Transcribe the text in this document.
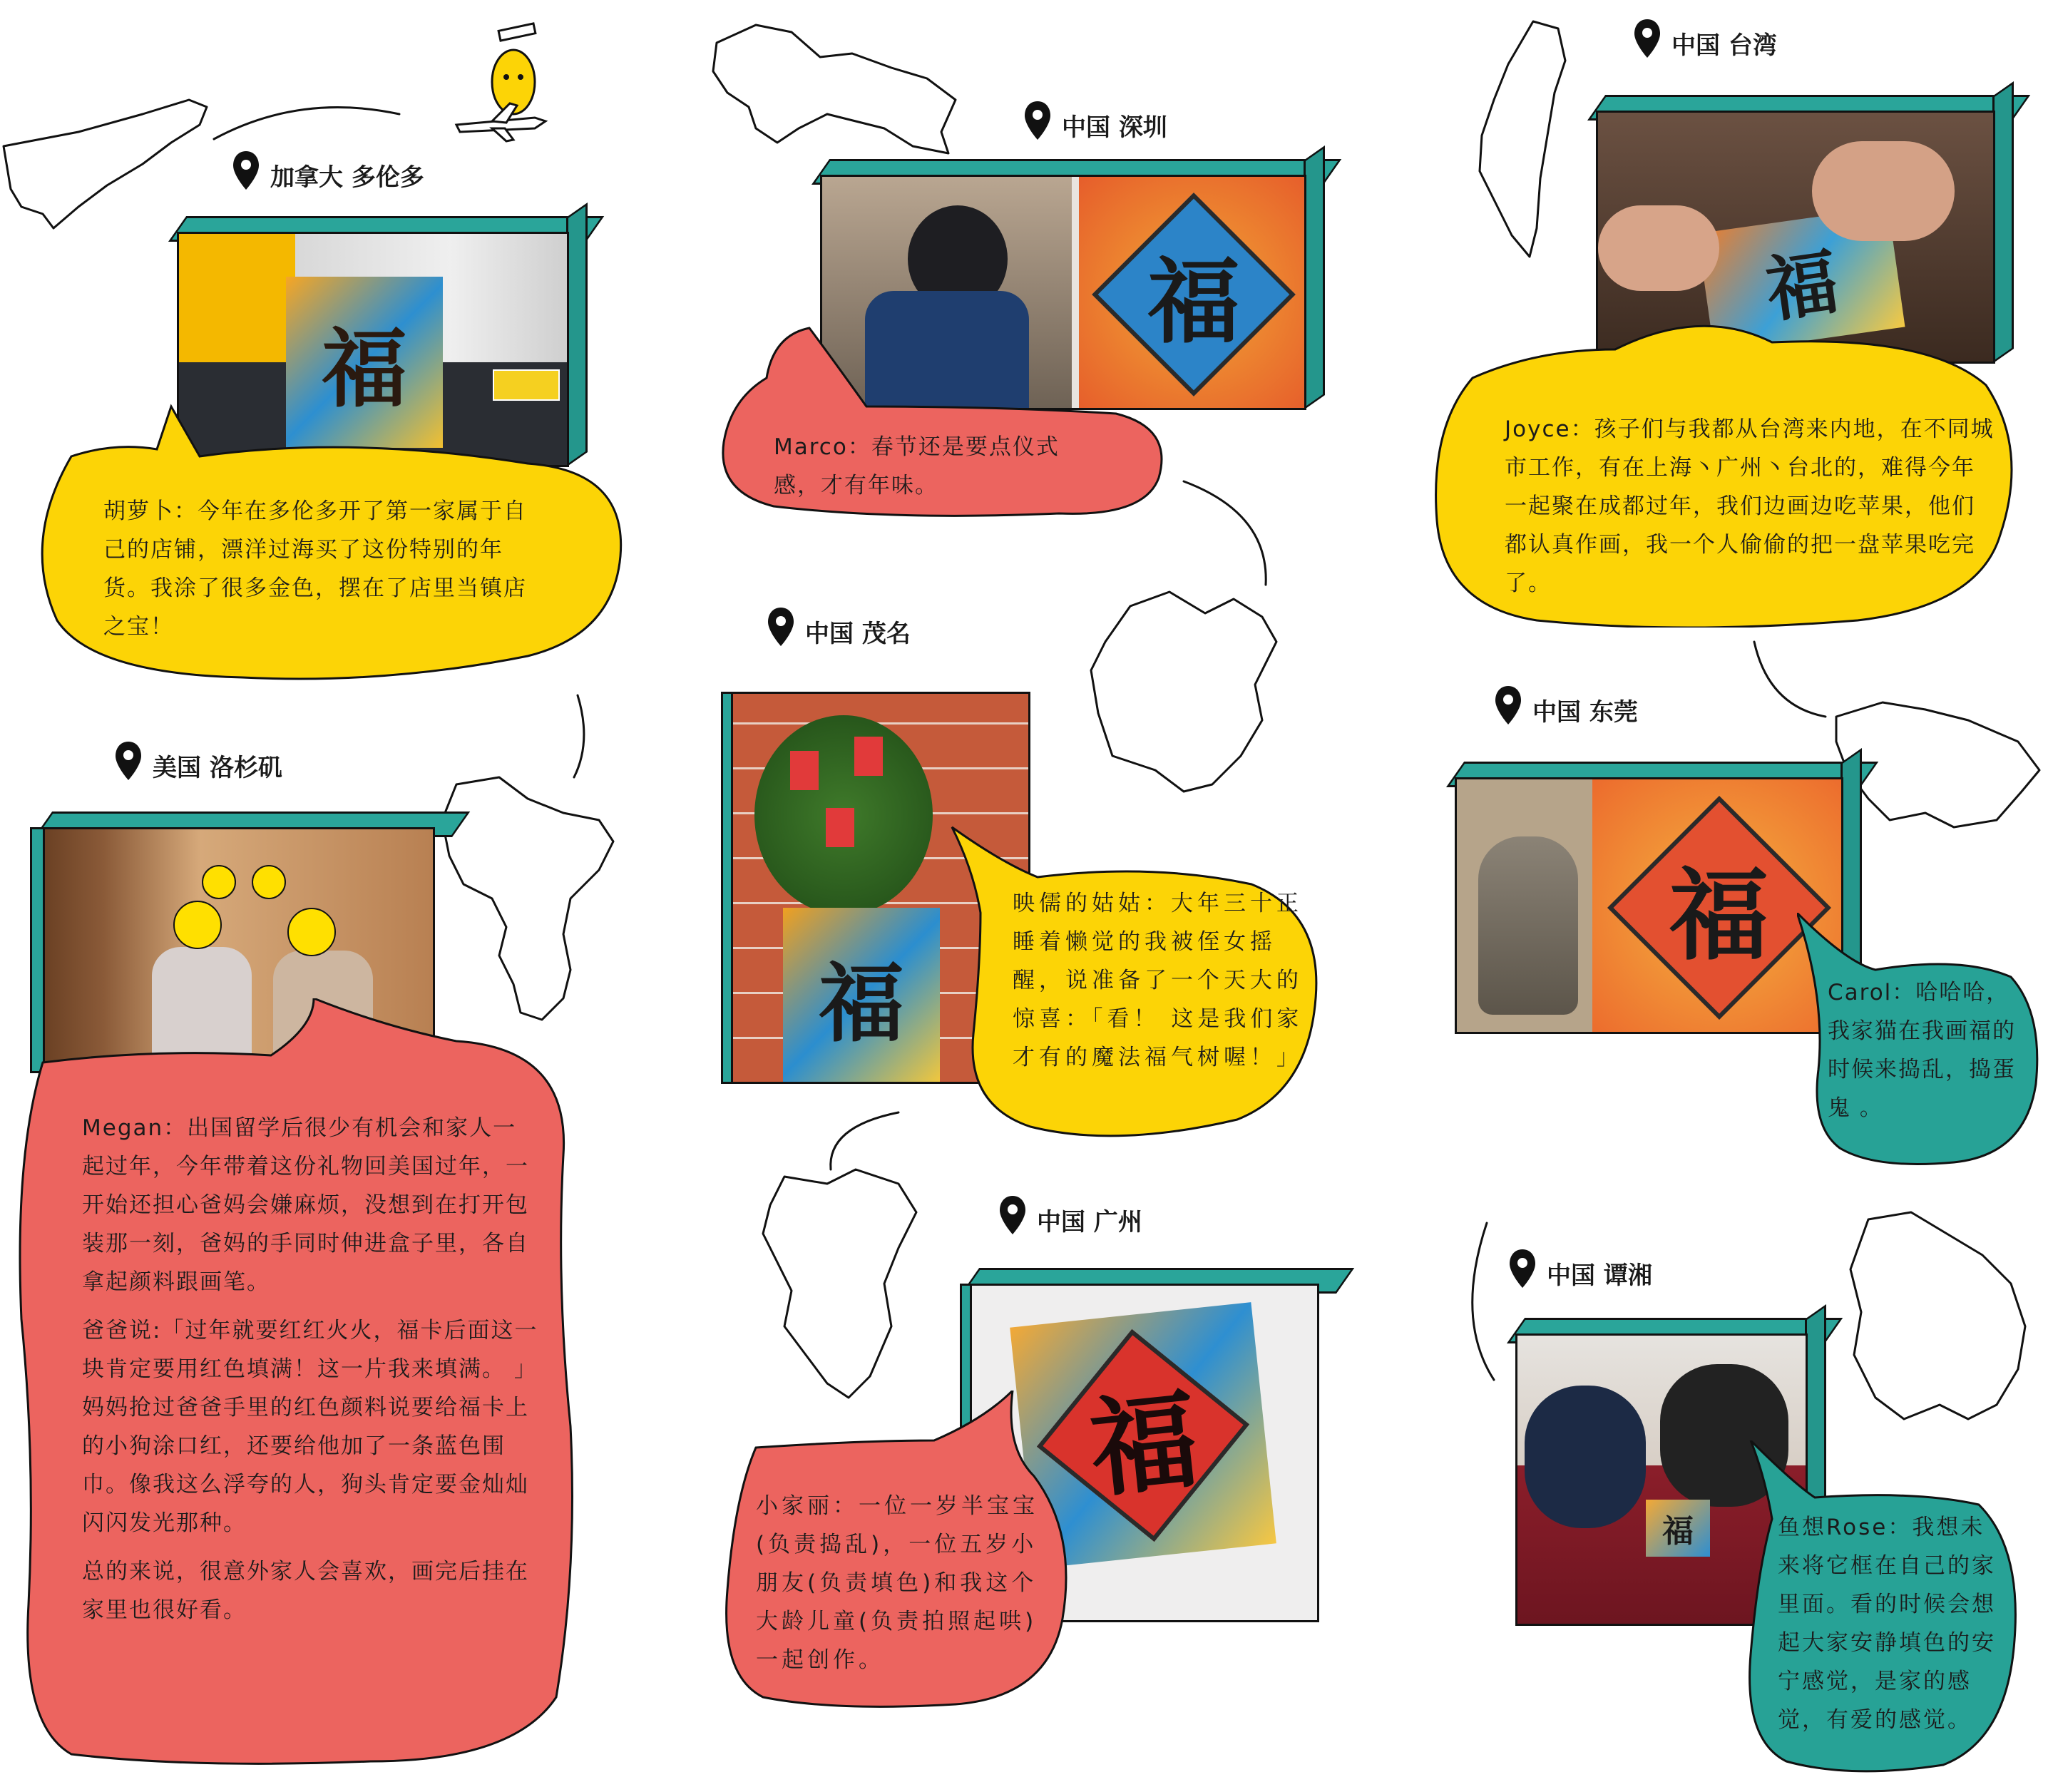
加拿大 多伦多
福

胡萝卜：今年在多伦多开了第一家属于自己的店铺，漂洋过海买了这份特别的年货。我涂了很多金色，摆在了店里当镇店之宝！

中国 深圳
福

Marco：春节还是要点仪式感，才有年味。

中国 台湾
福

Joyce：孩子们与我都从台湾来内地，在不同城市工作，有在上海丶广州丶台北的，难得今年一起聚在成都过年，我们边画边吃苹果，他们都认真作画，我一个人偷偷的把一盘苹果吃完了。

中国 茂名
福

映儒的姑姑：大年三十正睡着懒觉的我被侄女摇醒，说准备了一个天大的惊喜：「看！ 这是我们家才有的魔法福气树喔！」

中国 东莞
福

Carol：哈哈哈，我家猫在我画福的时候来捣乱，捣蛋鬼 。

美国 洛杉矶

Megan：出国留学后很少有机会和家人一起过年，今年带着这份礼物回美国过年，一开始还担心爸妈会嫌麻烦，没想到在打开包装那一刻，爸妈的手同时伸进盒子里，各自拿起颜料跟画笔。

爸爸说:「过年就要红红火火，福卡后面这一块肯定要用红色填满！这一片我来填满。 」妈妈抢过爸爸手里的红色颜料说要给福卡上的小狗涂口红，还要给他加了一条蓝色围巾。像我这么浮夸的人，狗头肯定要金灿灿闪闪发光那种。

总的来说，很意外家人会喜欢，画完后挂在家里也很好看。

中国 广州
福

小家丽：一位一岁半宝宝(负责捣乱)，一位五岁小朋友(负责填色)和我这个大龄儿童(负责拍照起哄)一起创作。

中国 谭湘
福	鱼想Rose：我想未来将它框在自己的家里面。看的时候会想起大家安静填色的安宁感觉，是家的感觉，有爱的感觉。
